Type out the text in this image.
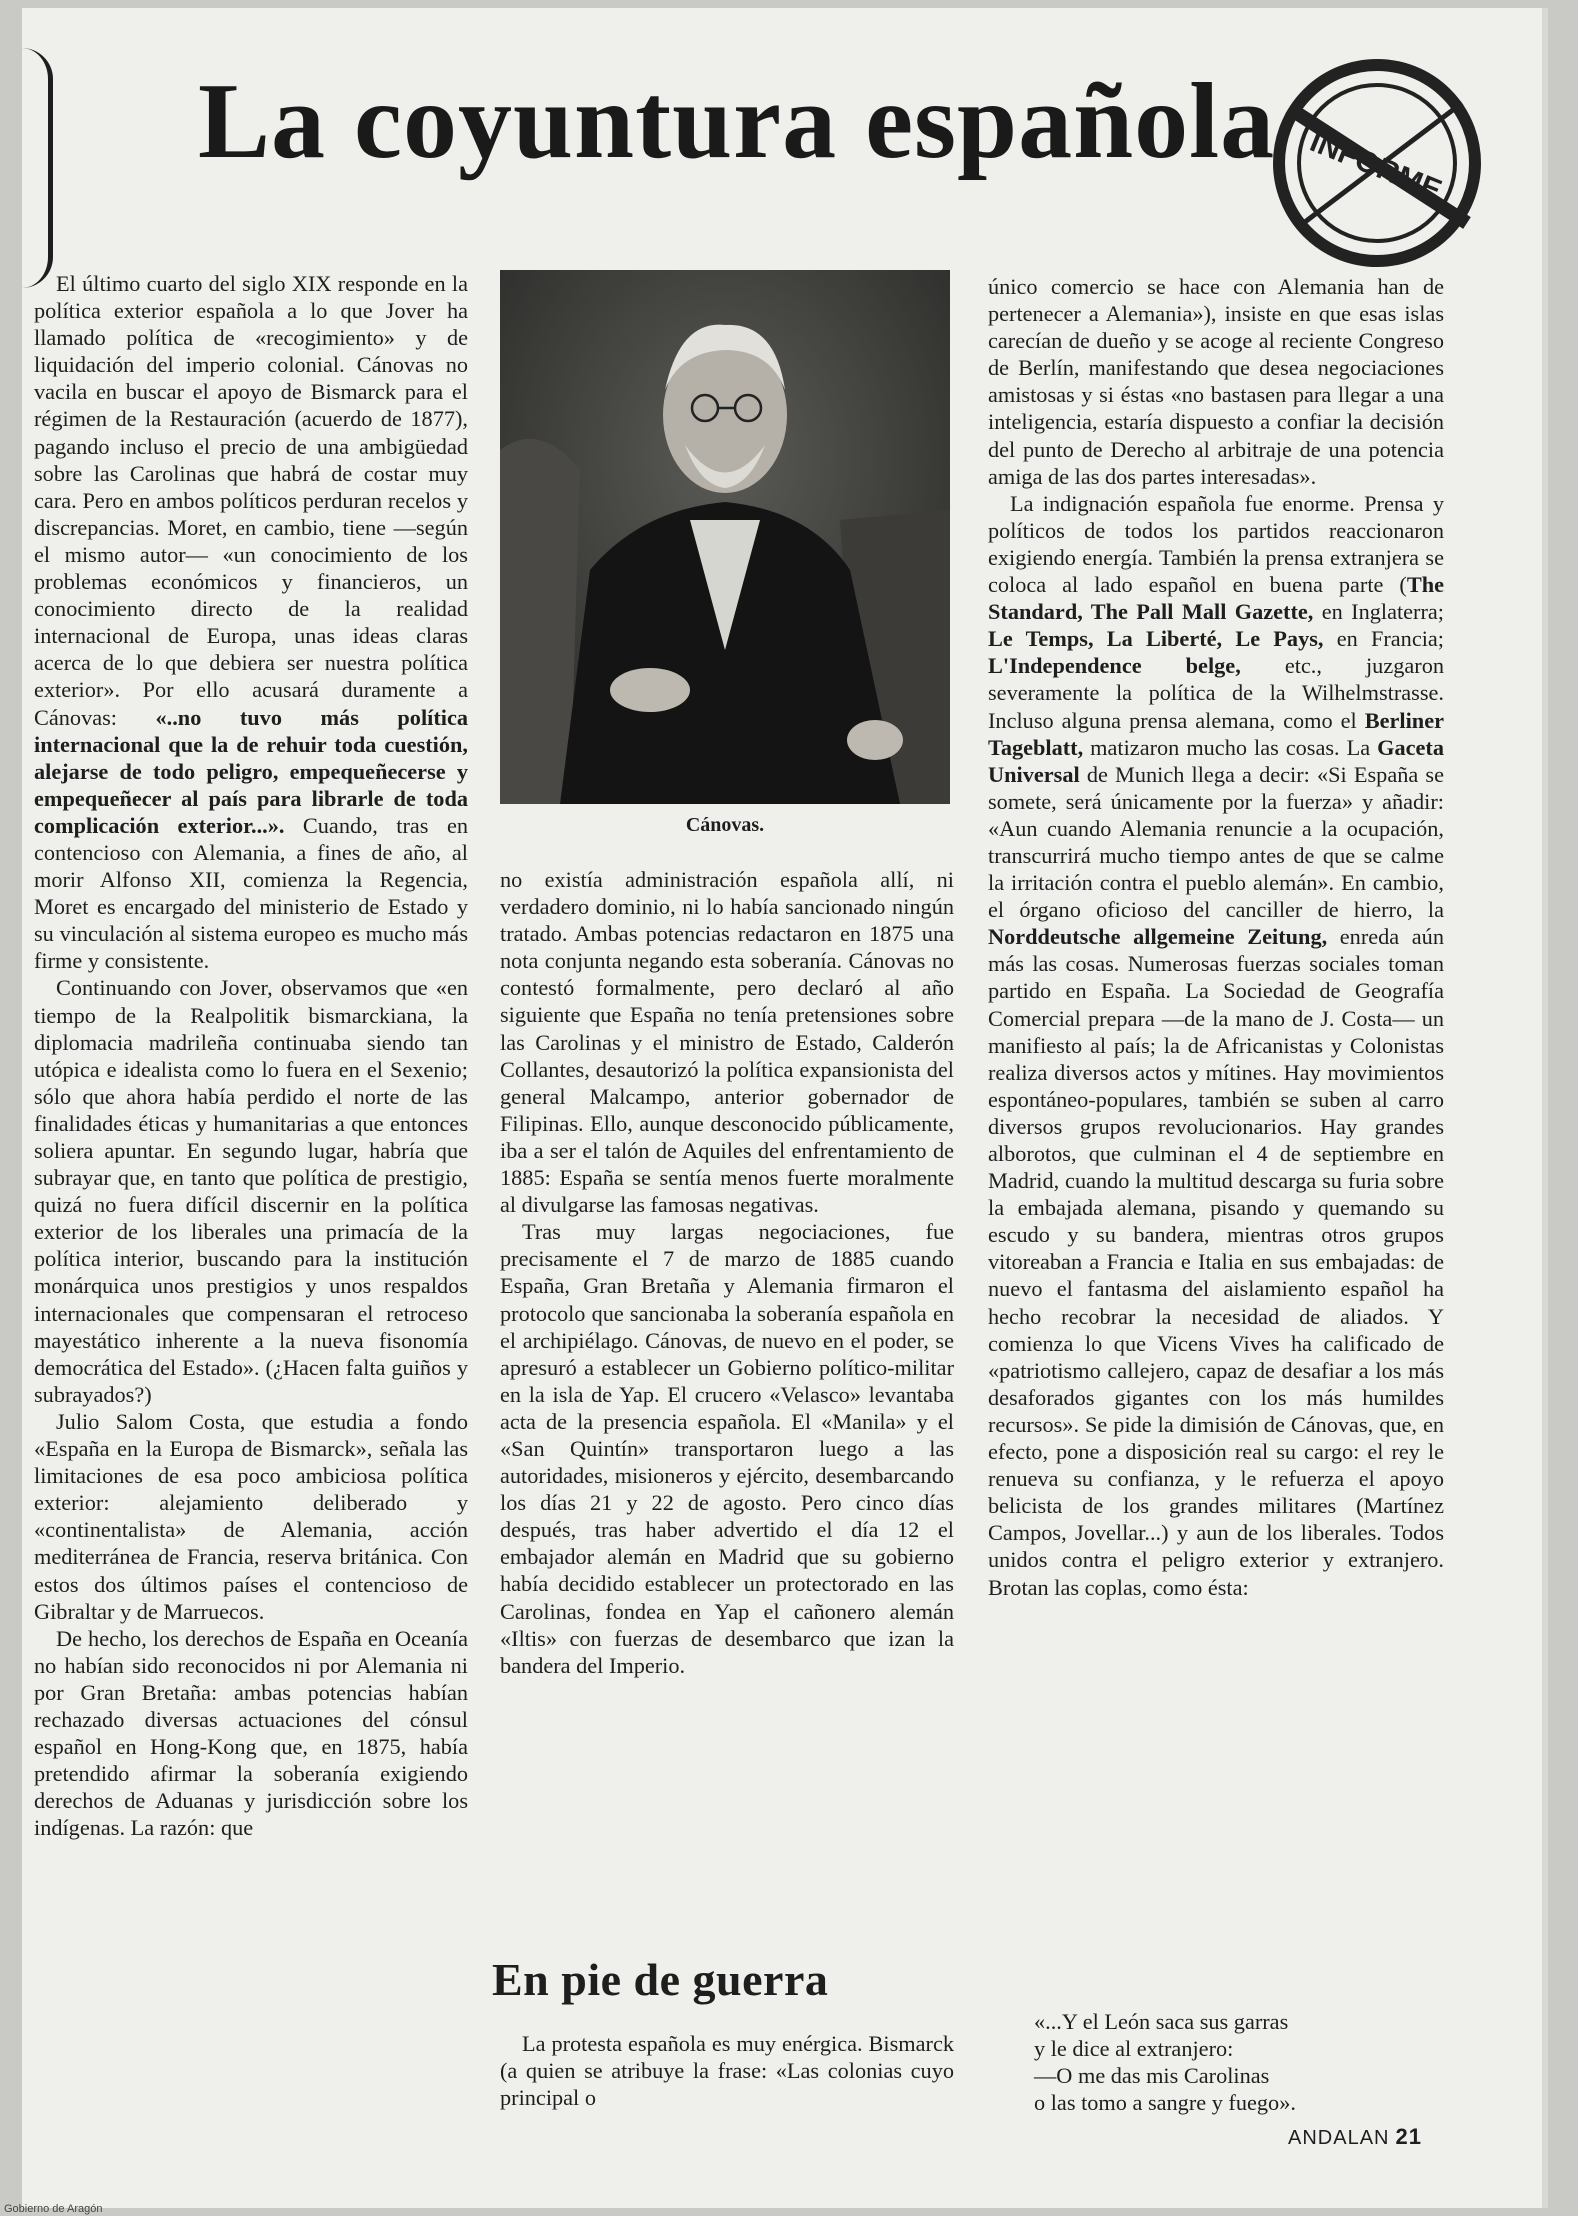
La coyuntura española INFORME

El último cuarto del siglo XIX responde en la política exterior española a lo que Jover ha llamado política de «recogimiento» y de liquidación del imperio colonial. Cánovas no vacila en buscar el apoyo de Bismarck para el régimen de la Restauración (acuerdo de 1877), pagando incluso el precio de una ambigüedad sobre las Carolinas que habrá de costar muy cara. Pero en ambos políticos perduran recelos y discrepancias. Moret, en cambio, tiene —según el mismo autor— «un conocimiento de los problemas económicos y financieros, un conocimiento directo de la realidad internacional de Europa, unas ideas claras acerca de lo que debiera ser nuestra política exterior». Por ello acusará duramente a Cánovas: «..no tuvo más política internacional que la de rehuir toda cuestión, alejarse de todo peligro, empequeñecerse y empequeñecer al país para librarle de toda complicación exterior...». Cuando, tras en contencioso con Alemania, a fines de año, al morir Alfonso XII, comienza la Regencia, Moret es encargado del ministerio de Estado y su vinculación al sistema europeo es mucho más firme y consistente.

Continuando con Jover, observamos que «en tiempo de la Realpolitik bismarckiana, la diplomacia madrileña continuaba siendo tan utópica e idealista como lo fuera en el Sexenio; sólo que ahora había perdido el norte de las finalidades éticas y humanitarias a que entonces soliera apuntar. En segundo lugar, habría que subrayar que, en tanto que política de prestigio, quizá no fuera difícil discernir en la política exterior de los liberales una primacía de la política interior, buscando para la institución monárquica unos prestigios y unos respaldos internacionales que compensaran el retroceso mayestático inherente a la nueva fisonomía democrática del Estado». (¿Hacen falta guiños y subrayados?)

Julio Salom Costa, que estudia a fondo «España en la Europa de Bismarck», señala las limitaciones de esa poco ambiciosa política exterior: alejamiento deliberado y «continentalista» de Alemania, acción mediterránea de Francia, reserva británica. Con estos dos últimos países el contencioso de Gibraltar y de Marruecos.

De hecho, los derechos de España en Oceanía no habían sido reconocidos ni por Alemania ni por Gran Bretaña: ambas potencias habían rechazado diversas actuaciones del cónsul español en Hong-Kong que, en 1875, había pretendido afirmar la soberanía exigiendo derechos de Aduanas y jurisdicción sobre los indígenas. La razón: que

Cánovas.

no existía administración española allí, ni verdadero dominio, ni lo había sancionado ningún tratado. Ambas potencias redactaron en 1875 una nota conjunta negando esta soberanía. Cánovas no contestó formalmente, pero declaró al año siguiente que España no tenía pretensiones sobre las Carolinas y el ministro de Estado, Calderón Collantes, desautorizó la política expansionista del general Malcampo, anterior gobernador de Filipinas. Ello, aunque desconocido públicamente, iba a ser el talón de Aquiles del enfrentamiento de 1885: España se sentía menos fuerte moralmente al divulgarse las famosas negativas.

Tras muy largas negociaciones, fue precisamente el 7 de marzo de 1885 cuando España, Gran Bretaña y Alemania firmaron el protocolo que sancionaba la soberanía española en el archipiélago. Cánovas, de nuevo en el poder, se apresuró a establecer un Gobierno político-militar en la isla de Yap. El crucero «Velasco» levantaba acta de la presencia española. El «Manila» y el «San Quintín» transportaron luego a las autoridades, misioneros y ejército, desembarcando los días 21 y 22 de agosto. Pero cinco días después, tras haber advertido el día 12 el embajador alemán en Madrid que su gobierno había decidido establecer un protectorado en las Carolinas, fondea en Yap el cañonero alemán «Iltis» con fuerzas de desembarco que izan la bandera del Imperio.

En pie de guerra

La protesta española es muy enérgica. Bismarck (a quien se atribuye la frase: «Las colonias cuyo principal o

único comercio se hace con Alemania han de pertenecer a Alemania»), insiste en que esas islas carecían de dueño y se acoge al reciente Congreso de Berlín, manifestando que desea negociaciones amistosas y si éstas «no bastasen para llegar a una inteligencia, estaría dispuesto a confiar la decisión del punto de Derecho al arbitraje de una potencia amiga de las dos partes interesadas».

La indignación española fue enorme. Prensa y políticos de todos los partidos reaccionaron exigiendo energía. También la prensa extranjera se coloca al lado español en buena parte (The Standard, The Pall Mall Gazette, en Inglaterra; Le Temps, La Liberté, Le Pays, en Francia; L'Independence belge, etc., juzgaron severamente la política de la Wilhelmstrasse. Incluso alguna prensa alemana, como el Berliner Tageblatt, matizaron mucho las cosas. La Gaceta Universal de Munich llega a decir: «Si España se somete, será únicamente por la fuerza» y añadir: «Aun cuando Alemania renuncie a la ocupación, transcurrirá mucho tiempo antes de que se calme la irritación contra el pueblo alemán». En cambio, el órgano oficioso del canciller de hierro, la Norddeutsche allgemeine Zeitung, enreda aún más las cosas. Numerosas fuerzas sociales toman partido en España. La Sociedad de Geografía Comercial prepara —de la mano de J. Costa— un manifiesto al país; la de Africanistas y Colonistas realiza diversos actos y mítines. Hay movimientos espontáneo-populares, también se suben al carro diversos grupos revolucionarios. Hay grandes alborotos, que culminan el 4 de septiembre en Madrid, cuando la multitud descarga su furia sobre la embajada alemana, pisando y quemando su escudo y su bandera, mientras otros grupos vitoreaban a Francia e Italia en sus embajadas: de nuevo el fantasma del aislamiento español ha hecho recobrar la necesidad de aliados. Y comienza lo que Vicens Vives ha calificado de «patriotismo callejero, capaz de desafiar a los más desaforados gigantes con los más humildes recursos». Se pide la dimisión de Cánovas, que, en efecto, pone a disposición real su cargo: el rey le renueva su confianza, y le refuerza el apoyo belicista de los grandes militares (Martínez Campos, Jovellar...) y aun de los liberales. Todos unidos contra el peligro exterior y extranjero. Brotan las coplas, como ésta:

«...Y el León saca sus garras
y le dice al extranjero:
—O me das mis Carolinas
o las tomo a sangre y fuego».
ANDALAN 21
Gobierno de Aragón
